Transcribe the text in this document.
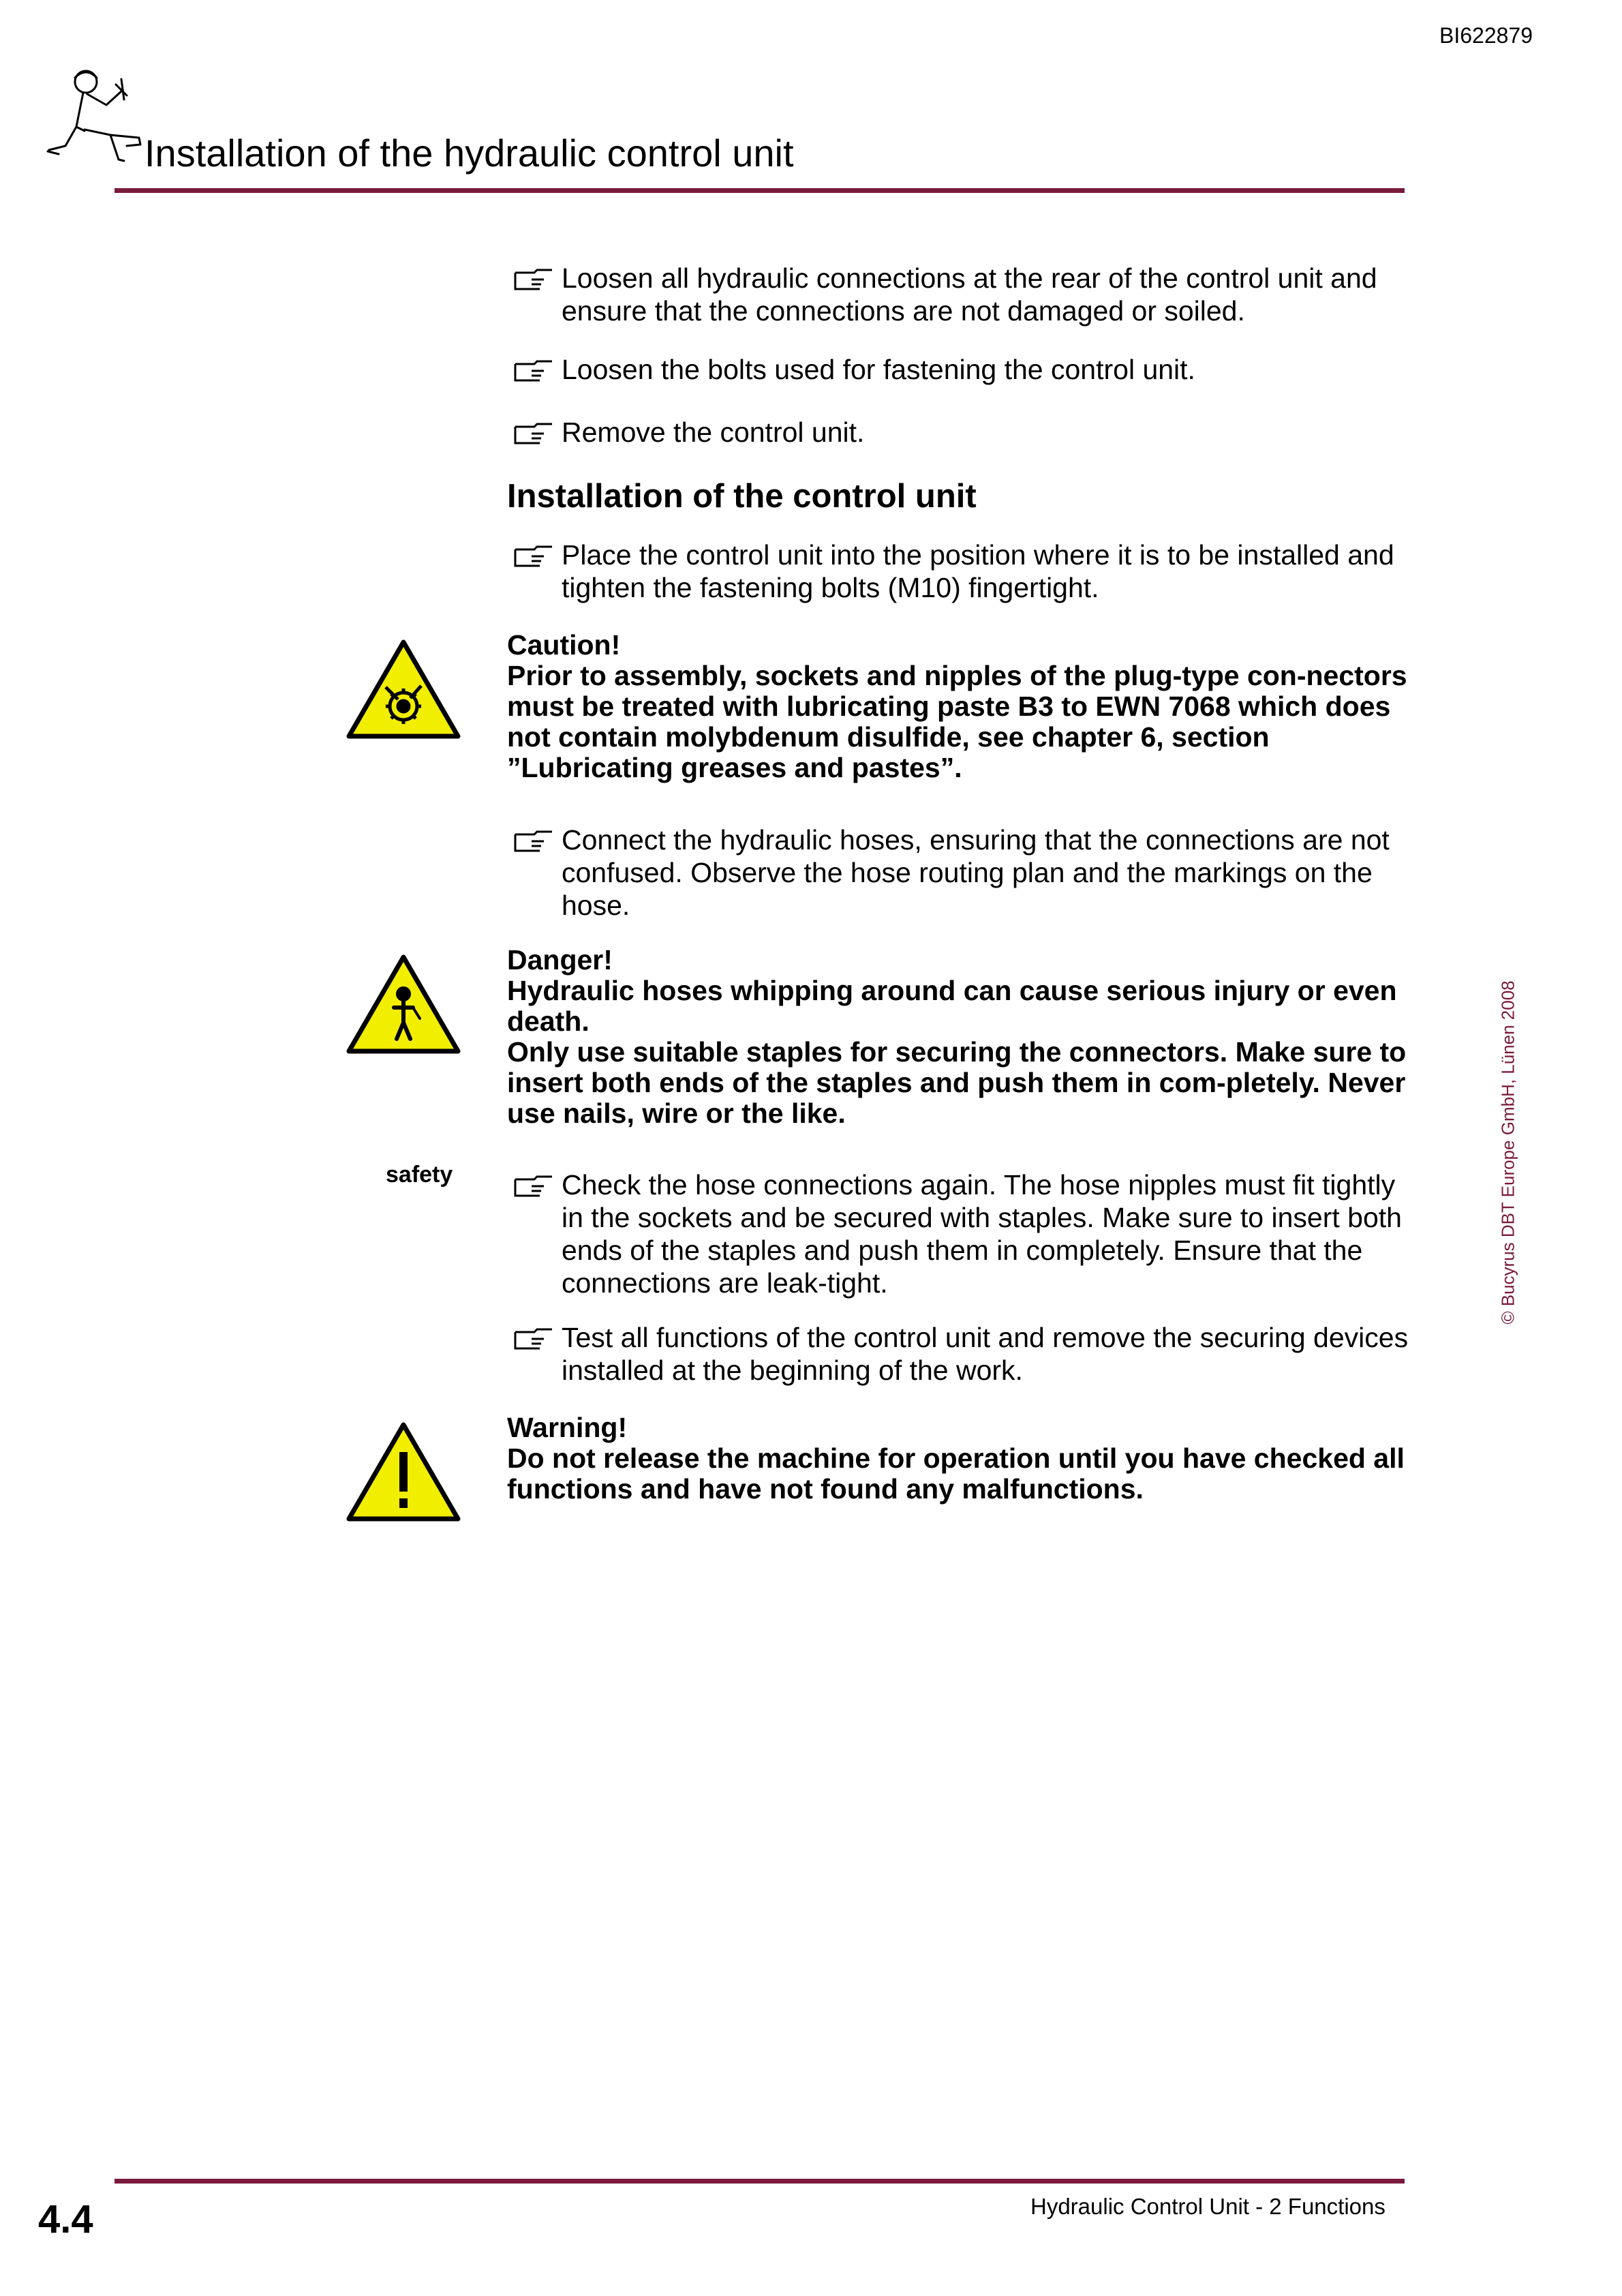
BI622879
Installation of the hydraulic control unit
Loosen all hydraulic connections at the rear of the control unit and ensure that the connections are not damaged or soiled.
Loosen the bolts used for fastening the control unit.
Remove the control unit.
Installation of the control unit
Place the control unit into the position where it is to be installed and tighten the fastening bolts (M10) fingertight.
Caution!
Prior to assembly, sockets and nipples of the plug-type con-nectors must be treated with lubricating paste B3 to EWN 7068 which does not contain molybdenum disulfide, see chapter 6, section ”Lubricating greases and pastes”.
Connect the hydraulic hoses, ensuring that the connections are not confused. Observe the hose routing plan and the markings on the hose.
Danger!
Hydraulic hoses whipping around can cause serious injury or even death.
Only use suitable staples for securing the connectors. Make sure to insert both ends of the staples and push them in com-pletely. Never use nails, wire or the like.
Check the hose connections again. The hose nipples must fit tightly in the sockets and be secured with staples. Make sure to insert both ends of the staples and push them in completely. Ensure that the connections are leak-tight.
Test all functions of the control unit and remove the securing devices installed at the beginning of the work.
Warning!
Do not release the machine for operation until you have checked all functions and have not found any malfunctions.
safety	© Bucyrus DBT Europe GmbH, Lünen 2008
4.4	Hydraulic Control Unit - 2 Functions
